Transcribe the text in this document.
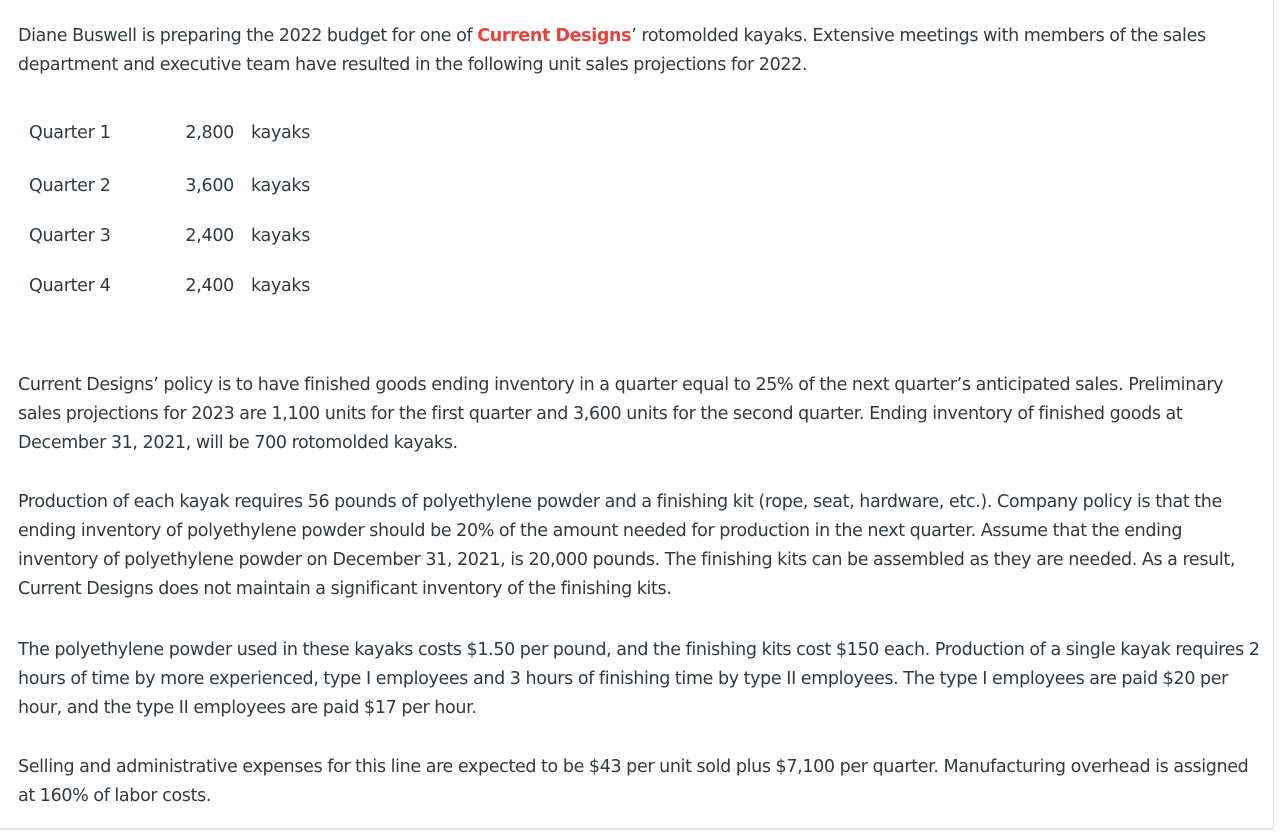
Diane Buswell is preparing the 2022 budget for one of Current Designs’ rotomolded kayaks. Extensive meetings with members of the sales department and executive team have resulted in the following unit sales projections for 2022.

Quarter 1	2,800 kayaks
Quarter 2	3,600 kayaks
Quarter 3	2,400 kayaks
Quarter 4	2,400 kayaks

Current Designs’ policy is to have finished goods ending inventory in a quarter equal to 25% of the next quarter’s anticipated sales. Preliminary sales projections for 2023 are 1,100 units for the first quarter and 3,600 units for the second quarter. Ending inventory of finished goods at December 31, 2021, will be 700 rotomolded kayaks.

Production of each kayak requires 56 pounds of polyethylene powder and a finishing kit (rope, seat, hardware, etc.). Company policy is that the ending inventory of polyethylene powder should be 20% of the amount needed for production in the next quarter. Assume that the ending inventory of polyethylene powder on December 31, 2021, is 20,000 pounds. The finishing kits can be assembled as they are needed. As a result, Current Designs does not maintain a significant inventory of the finishing kits.

The polyethylene powder used in these kayaks costs $1.50 per pound, and the finishing kits cost $150 each. Production of a single kayak requires 2 hours of time by more experienced, type I employees and 3 hours of finishing time by type II employees. The type I employees are paid $20 per hour, and the type II employees are paid $17 per hour.

Selling and administrative expenses for this line are expected to be $43 per unit sold plus $7,100 per quarter. Manufacturing overhead is assigned at 160% of labor costs.
